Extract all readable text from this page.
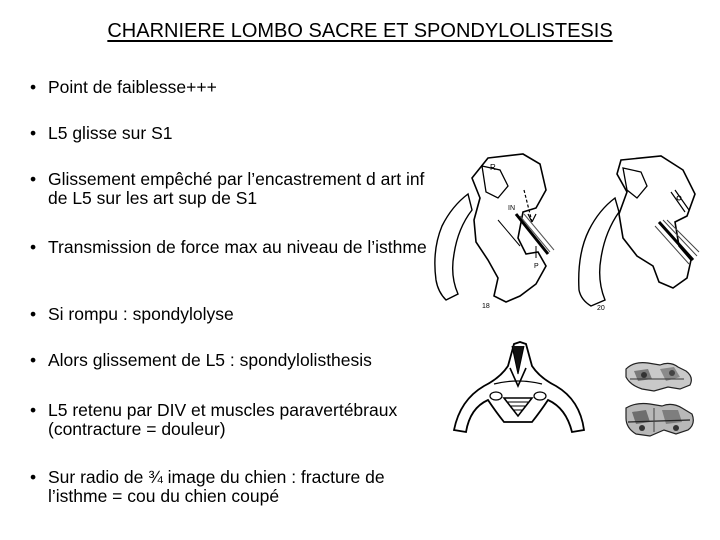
CHARNIERE LOMBO SACRE ET SPONDYLOLISTESIS
• Point de faiblesse+++
• L5 glisse sur S1
• Glissement empêché par l’encastrement d art inf de L5 sur les art sup de S1
• Transmission de force max au niveau de l’isthme
• Si rompu : spondylolyse
• Alors glissement de L5 : spondylolisthesis
• L5 retenu par DIV et muscles paravertébraux (contracture = douleur)
• Sur radio de ¾ image du chien : fracture de l’isthme = cou du chien coupé
R
IN
P
18	20
